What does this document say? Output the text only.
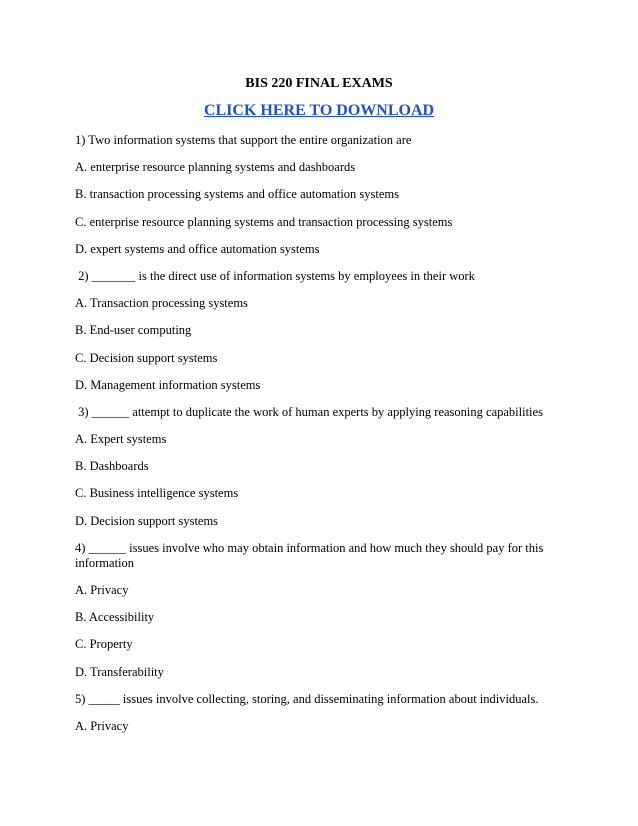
BIS 220 FINAL EXAMS
CLICK HERE TO DOWNLOAD

1) Two information systems that support the entire organization are

A. enterprise resource planning systems and dashboards

B. transaction processing systems and office automation systems

C. enterprise resource planning systems and transaction processing systems

D. expert systems and office automation systems

2) _______ is the direct use of information systems by employees in their work

A. Transaction processing systems

B. End-user computing

C. Decision support systems

D. Management information systems

3) ______ attempt to duplicate the work of human experts by applying reasoning capabilities

A. Expert systems

B. Dashboards

C. Business intelligence systems

D. Decision support systems

4) ______ issues involve who may obtain information and how much they should pay for this information

A. Privacy

B. Accessibility

C. Property

D. Transferability

5) _____ issues involve collecting, storing, and disseminating information about individuals.

A. Privacy
